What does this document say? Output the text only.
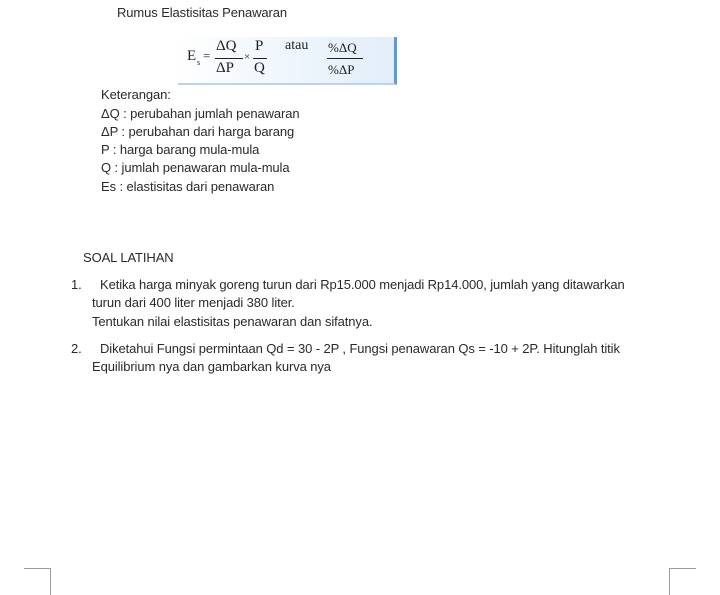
Rumus Elastisitas Penawaran
E s =
ΔQ
ΔP
×
P
Q
atau %ΔQ
%ΔP
Keterangan:
ΔQ : perubahan jumlah penawaran
ΔP : perubahan dari harga barang
P : harga barang mula-mula
Q : jumlah penawaran mula-mula
Es : elastisitas dari penawaran
SOAL LATIHAN
1. Ketika harga minyak goreng turun dari Rp15.000 menjadi Rp14.000, jumlah yang ditawarkan
turun dari 400 liter menjadi 380 liter.
Tentukan nilai elastisitas penawaran dan sifatnya.
2. Diketahui Fungsi permintaan Qd = 30 - 2P , Fungsi penawaran Qs = -10 + 2P. Hitunglah titik
Equilibrium nya dan gambarkan kurva nya
